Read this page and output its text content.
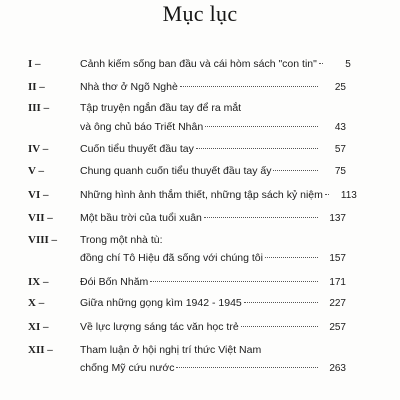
Mục lục
I –	Cảnh kiếm sống ban đầu và cái hòm sách "con tin"	5
II –	Nhà thơ ở Ngõ Nghè	25
III –	Tập truyện ngắn đầu tay để ra mắt
và ông chủ báo Triết Nhân	43
IV –	Cuốn tiểu thuyết đầu tay	57
V –	Chung quanh cuốn tiểu thuyết đầu tay ấy	75
VI –	Những hình ảnh thắm thiết, những tập sách kỷ niệm	113
VII –	Một bầu trời của tuổi xuân	137
VIII – Trong một nhà tù:
đồng chí Tô Hiệu đã sống với chúng tôi	157
IX –	Đói Bốn Nhăm	171
X –	Giữa những gọng kìm 1942 - 1945	227
XI –	Về lực lượng sáng tác văn học trẻ	257
XII –	Tham luận ở hội nghị trí thức Việt Nam
chống Mỹ cứu nước	263
